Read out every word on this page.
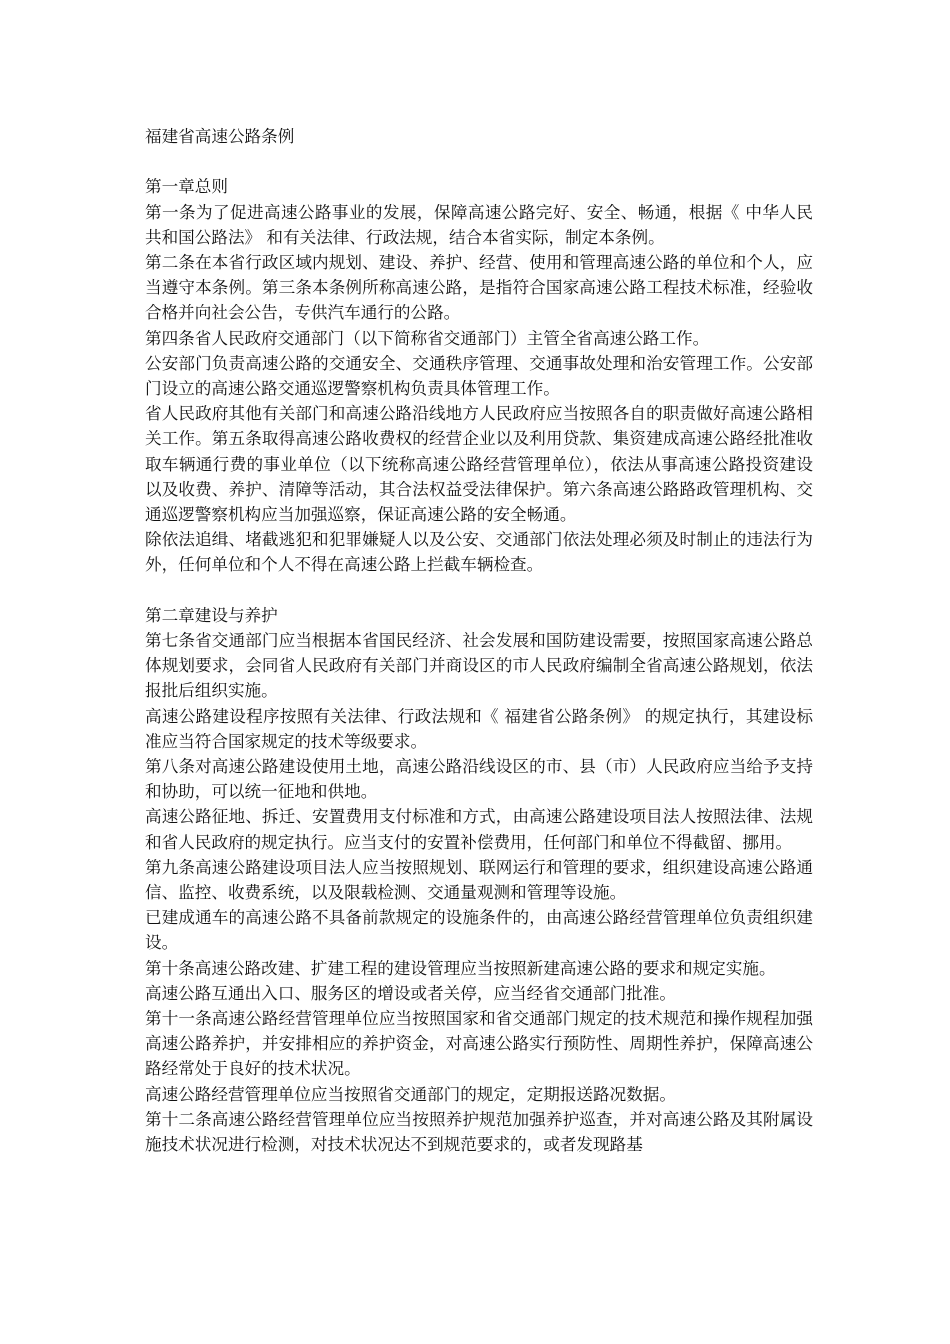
福建省高速公路条例

第一章总则

第一条为了促进高速公路事业的发展，保障高速公路完好、安全、畅通，根据《 中华人民共和国公路法》 和有关法律、行政法规，结合本省实际，制定本条例。

第二条在本省行政区域内规划、建设、养护、经营、使用和管理高速公路的单位和个人，应当遵守本条例。第三条本条例所称高速公路，是指符合国家高速公路工程技术标准，经验收合格并向社会公告，专供汽车通行的公路。

第四条省人民政府交通部门（以下简称省交通部门）主管全省高速公路工作。

公安部门负责高速公路的交通安全、交通秩序管理、交通事故处理和治安管理工作。公安部门设立的高速公路交通巡逻警察机构负责具体管理工作。

省人民政府其他有关部门和高速公路沿线地方人民政府应当按照各自的职责做好高速公路相关工作。第五条取得高速公路收费权的经营企业以及利用贷款、集资建成高速公路经批准收取车辆通行费的事业单位（以下统称高速公路经营管理单位），依法从事高速公路投资建设以及收费、养护、清障等活动，其合法权益受法律保护。第六条高速公路路政管理机构、交通巡逻警察机构应当加强巡察，保证高速公路的安全畅通。

除依法追缉、堵截逃犯和犯罪嫌疑人以及公安、交通部门依法处理必须及时制止的违法行为外，任何单位和个人不得在高速公路上拦截车辆检查。

第二章建设与养护

第七条省交通部门应当根据本省国民经济、社会发展和国防建设需要，按照国家高速公路总体规划要求，会同省人民政府有关部门并商设区的市人民政府编制全省高速公路规划，依法报批后组织实施。

高速公路建设程序按照有关法律、行政法规和《 福建省公路条例》 的规定执行，其建设标准应当符合国家规定的技术等级要求。

第八条对高速公路建设使用土地，高速公路沿线设区的市、县（市）人民政府应当给予支持和协助，可以统一征地和供地。

高速公路征地、拆迁、安置费用支付标准和方式，由高速公路建设项目法人按照法律、法规和省人民政府的规定执行。应当支付的安置补偿费用，任何部门和单位不得截留、挪用。

第九条高速公路建设项目法人应当按照规划、联网运行和管理的要求，组织建设高速公路通信、监控、收费系统，以及限载检测、交通量观测和管理等设施。

已建成通车的高速公路不具备前款规定的设施条件的，由高速公路经营管理单位负责组织建设。

第十条高速公路改建、扩建工程的建设管理应当按照新建高速公路的要求和规定实施。

高速公路互通出入口、服务区的增设或者关停，应当经省交通部门批准。

第十一条高速公路经营管理单位应当按照国家和省交通部门规定的技术规范和操作规程加强高速公路养护，并安排相应的养护资金，对高速公路实行预防性、周期性养护，保障高速公路经常处于良好的技术状况。

高速公路经营管理单位应当按照省交通部门的规定，定期报送路况数据。

第十二条高速公路经营管理单位应当按照养护规范加强养护巡查，并对高速公路及其附属设施技术状况进行检测，对技术状况达不到规范要求的，或者发现路基
